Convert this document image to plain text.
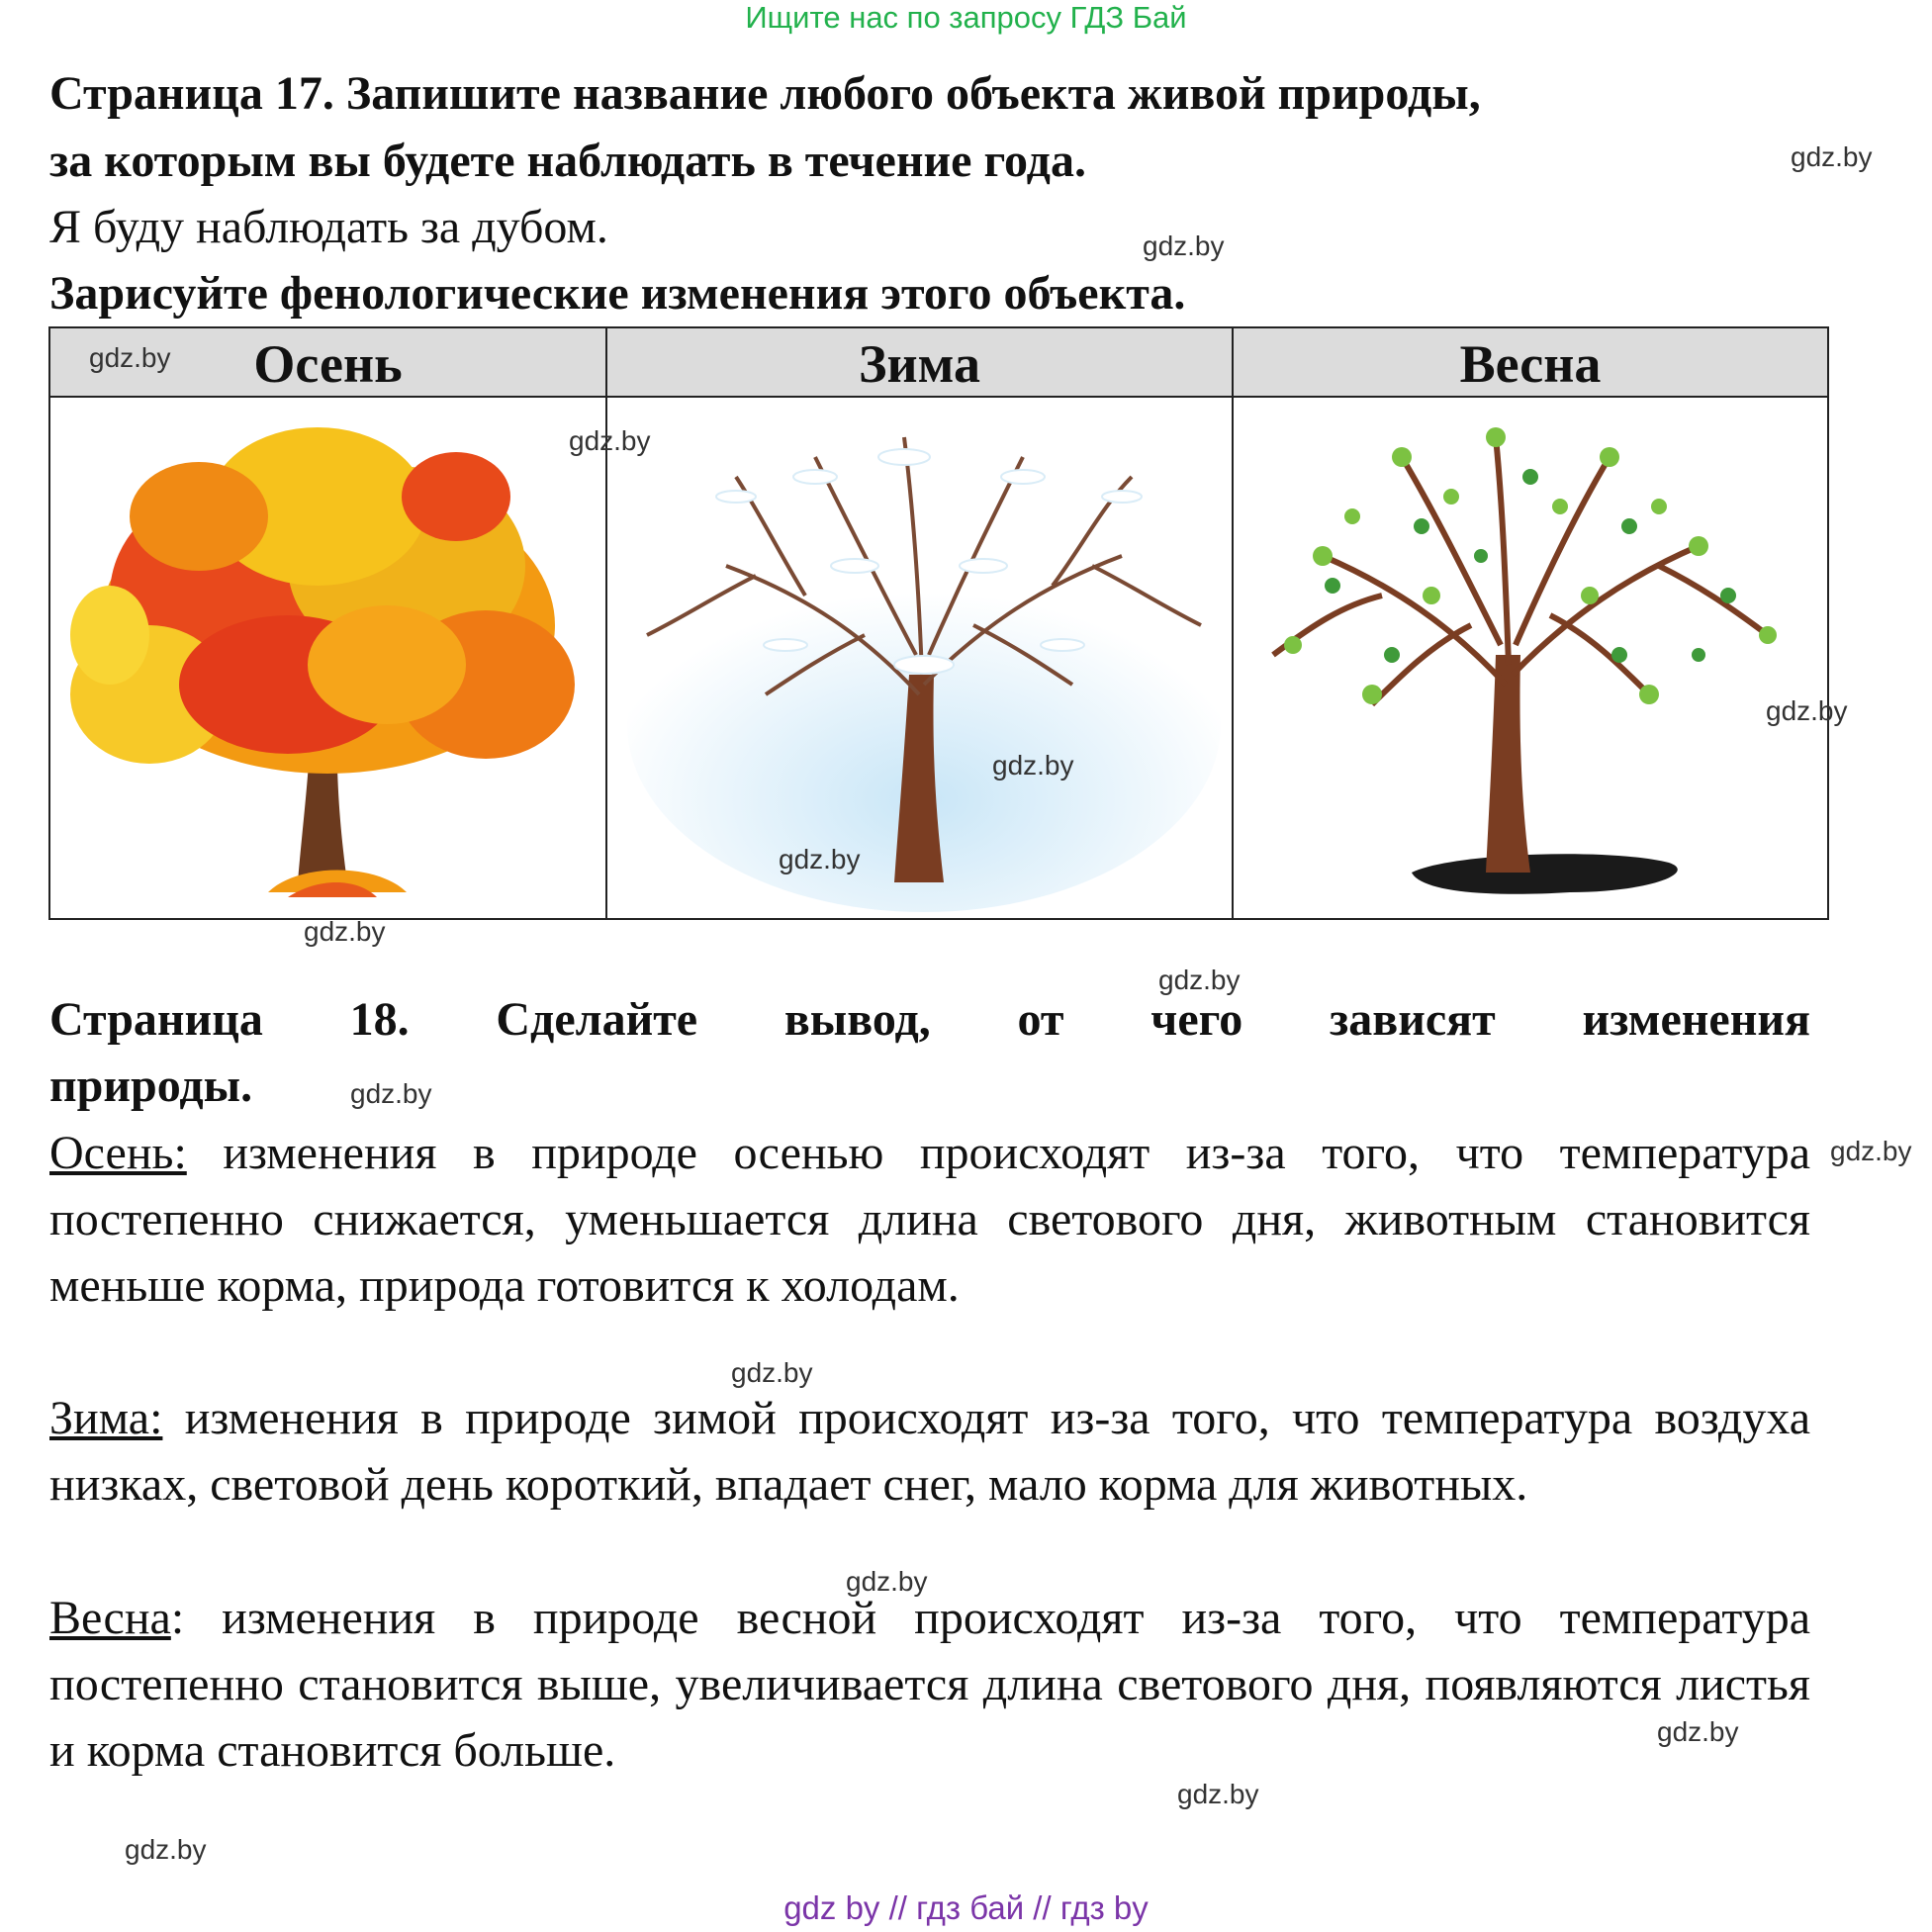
Ищите нас по запросу ГДЗ Бай
Страница 17. Запишите название любого объекта живой природы,
за которым вы будете наблюдать в течение года.
Я буду наблюдать за дубом.
Зарисуйте фенологические изменения этого объекта.
Осень	Зима	Весна
Страница 18. Сделайте вывод, от чего зависят изменения
природы.
Осень: изменения в природе осенью происходят из-за того, что температура постепенно снижается, уменьшается длина светового дня, животным становится меньше корма, природа готовится к холодам.
Зима: изменения в природе зимой происходят из-за того, что температура воздуха низках, световой день короткий, впадает снег, мало корма для животных.
Весна: изменения в природе весной происходят из-за того, что температура постепенно становится выше, увеличивается длина светового дня, появляются листья и корма становится больше.
gdz.by
gdz.by
gdz.by
gdz.by
gdz.by
gdz.by
gdz.by
gdz.by
gdz.by
gdz.by
gdz.by
gdz.by
gdz.by
gdz.by
gdz.by
gdz.by
gdz by // гдз бай // гдз by
